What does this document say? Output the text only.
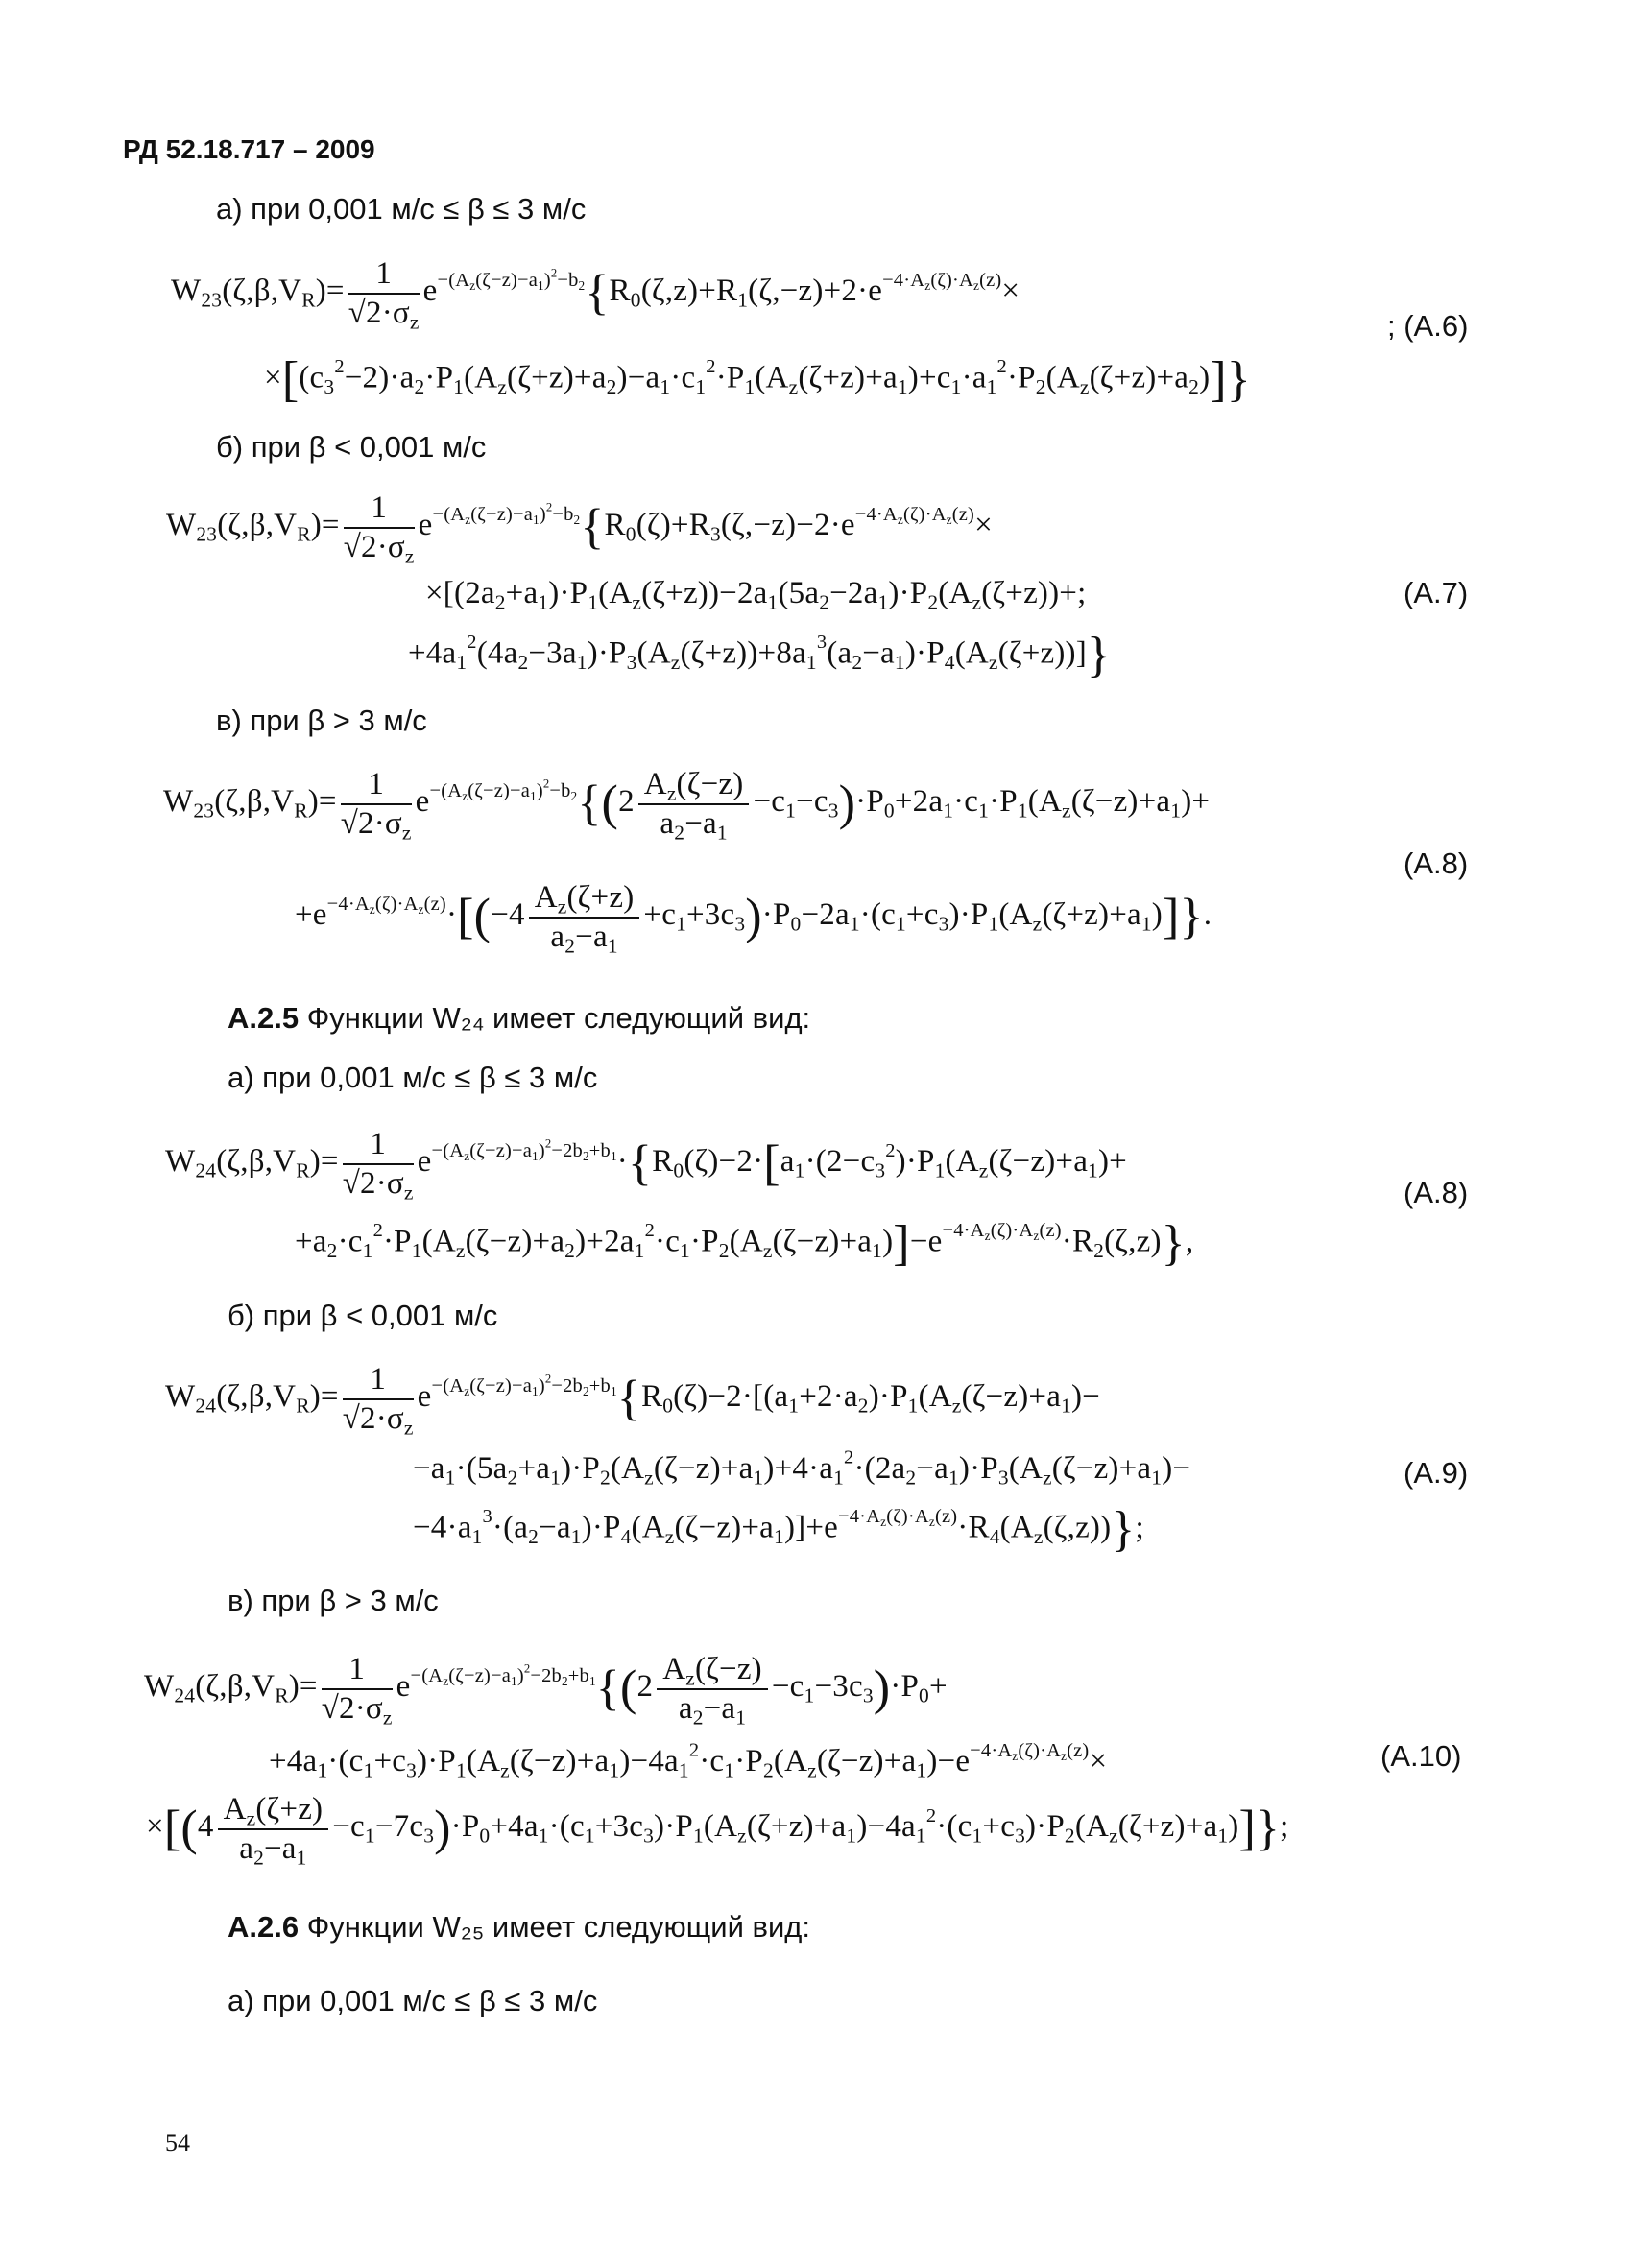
РД 52.18.717 – 2009
а) при 0,001 м/с ≤ β ≤ 3 м/с
$W_{23}(\zeta,\beta,V_R)= \frac{1}{√2\cdot\sigma_z} e^{-(A_z(\zeta-z)-a_1)^2-b_2}\{R_0(\zeta,z)+R_1(\zeta,-z)+2\cdot e^{-4\cdot A_z(\zeta)\cdot A_z(z)}\times$
$\times[(c_3^2-2)\cdot a_2\cdot P_1(A_z(\zeta+z)+a_2)-a_1\cdot c_1^2\cdot P_1(A_z(\zeta+z)+a_1)+c_1\cdot a_1^2\cdot P_2(A_z(\zeta+z)+a_2)]$}
; (А.6)
б) при β < 0,001 м/с
$W_{23}(\zeta,\beta,V_R)= \frac{1}{√2\cdot\sigma_z} e^{-(A_z(\zeta-z)-a_1)^2-b_2}\{R_0(\zeta)+R_3(\zeta,-z)-2\cdot e^{-4\cdot A_z(\zeta)\cdot A_z(z)}\times$
$\times[(2a_2+a_1)\cdot P_1(A_z(\zeta+z))-2a_1(5a_2-2a_1)\cdot P_2(A_z(\zeta+z))+$;
$+4a_1^2(4a_2-3a_1)\cdot P_3(A_z(\zeta+z))+8a_1^3(a_2-a_1)\cdot P_4(A_z(\zeta+z))$]}
(А.7)
в) при β > 3 м/с
$W_{23}(\zeta,\beta,V_R)= \frac{1}{√2\cdot\sigma_z} e^{-(A_z(\zeta-z)-a_1)^2-b_2}\{(2 \frac{A_z(\zeta-z)}{a_2-a_1} -c_1-c_3)\cdot P_0+2a_1\cdot c_1\cdot P_1(A_z(\zeta-z)+a_1)+$
$+e^{-4\cdot A_z(\zeta)\cdot A_z(z)}\cdot[(-4 \frac{A_z(\zeta+z)}{a_2-a_1} +c_1+3c_3)\cdot P_0-2a_1\cdot(c_1+c_3)\cdot P_1(A_z(\zeta+z)+a_1)]$}.
(А.8)
А.2.5 Функции W₂₄ имеет следующий вид:
а) при 0,001 м/с ≤ β ≤ 3 м/с
$W_{24}(\zeta,\beta,V_R)= \frac{1}{√2\cdot\sigma_z} e^{-(A_z(\zeta-z)-a_1)^2-2b_2+b_1}\cdot\{R_0(\zeta)-2\cdot[a_1\cdot(2-c_3^2)\cdot P_1(A_z(\zeta-z)+a_1)+$
$+a_2\cdot c_1^2\cdot P_1(A_z(\zeta-z)+a_2)+2a_1^2\cdot c_1\cdot P_2(A_z(\zeta-z)+a_1)]-e^{-4\cdot A_z(\zeta)\cdot A_z(z)}\cdot R_2(\zeta,z)$},
(А.8)
б) при β < 0,001 м/с
$W_{24}(\zeta,\beta,V_R)= \frac{1}{√2\cdot\sigma_z} e^{-(A_z(\zeta-z)-a_1)^2-2b_2+b_1}\{R_0(\zeta)-2\cdot[(a_1+2\cdot a_2)\cdot P_1(A_z(\zeta-z)+a_1)-$
$-a_1\cdot(5a_2+a_1)\cdot P_2(A_z(\zeta-z)+a_1)+4\cdot a_1^2\cdot(2a_2-a_1)\cdot P_3(A_z(\zeta-z)+a_1)-$
$-4\cdot a_1^3\cdot(a_2-a_1)\cdot P_4(A_z(\zeta-z)+a_1)]+e^{-4\cdot A_z(\zeta)\cdot A_z(z)}\cdot R_4(A_z(\zeta,z))$};
(А.9)
в) при β > 3 м/с
$W_{24}(\zeta,\beta,V_R)= \frac{1}{√2\cdot\sigma_z} e^{-(A_z(\zeta-z)-a_1)^2-2b_2+b_1}\{(2 \frac{A_z(\zeta-z)}{a_2-a_1} -c_1-3c_3)\cdot P_0+$
$+4a_1\cdot(c_1+c_3)\cdot P_1(A_z(\zeta-z)+a_1)-4a_1^2\cdot c_1\cdot P_2(A_z(\zeta-z)+a_1)-e^{-4\cdot A_z(\zeta)\cdot A_z(z)}\times$
$\times[(4 \frac{A_z(\zeta+z)}{a_2-a_1} -c_1-7c_3)\cdot P_0+4a_1\cdot(c_1+3c_3)\cdot P_1(A_z(\zeta+z)+a_1)-4a_1^2\cdot(c_1+c_3)\cdot P_2(A_z(\zeta+z)+a_1)]$};
(А.10)
А.2.6 Функции W₂₅ имеет следующий вид:
а) при 0,001 м/с ≤ β ≤ 3 м/с
54
